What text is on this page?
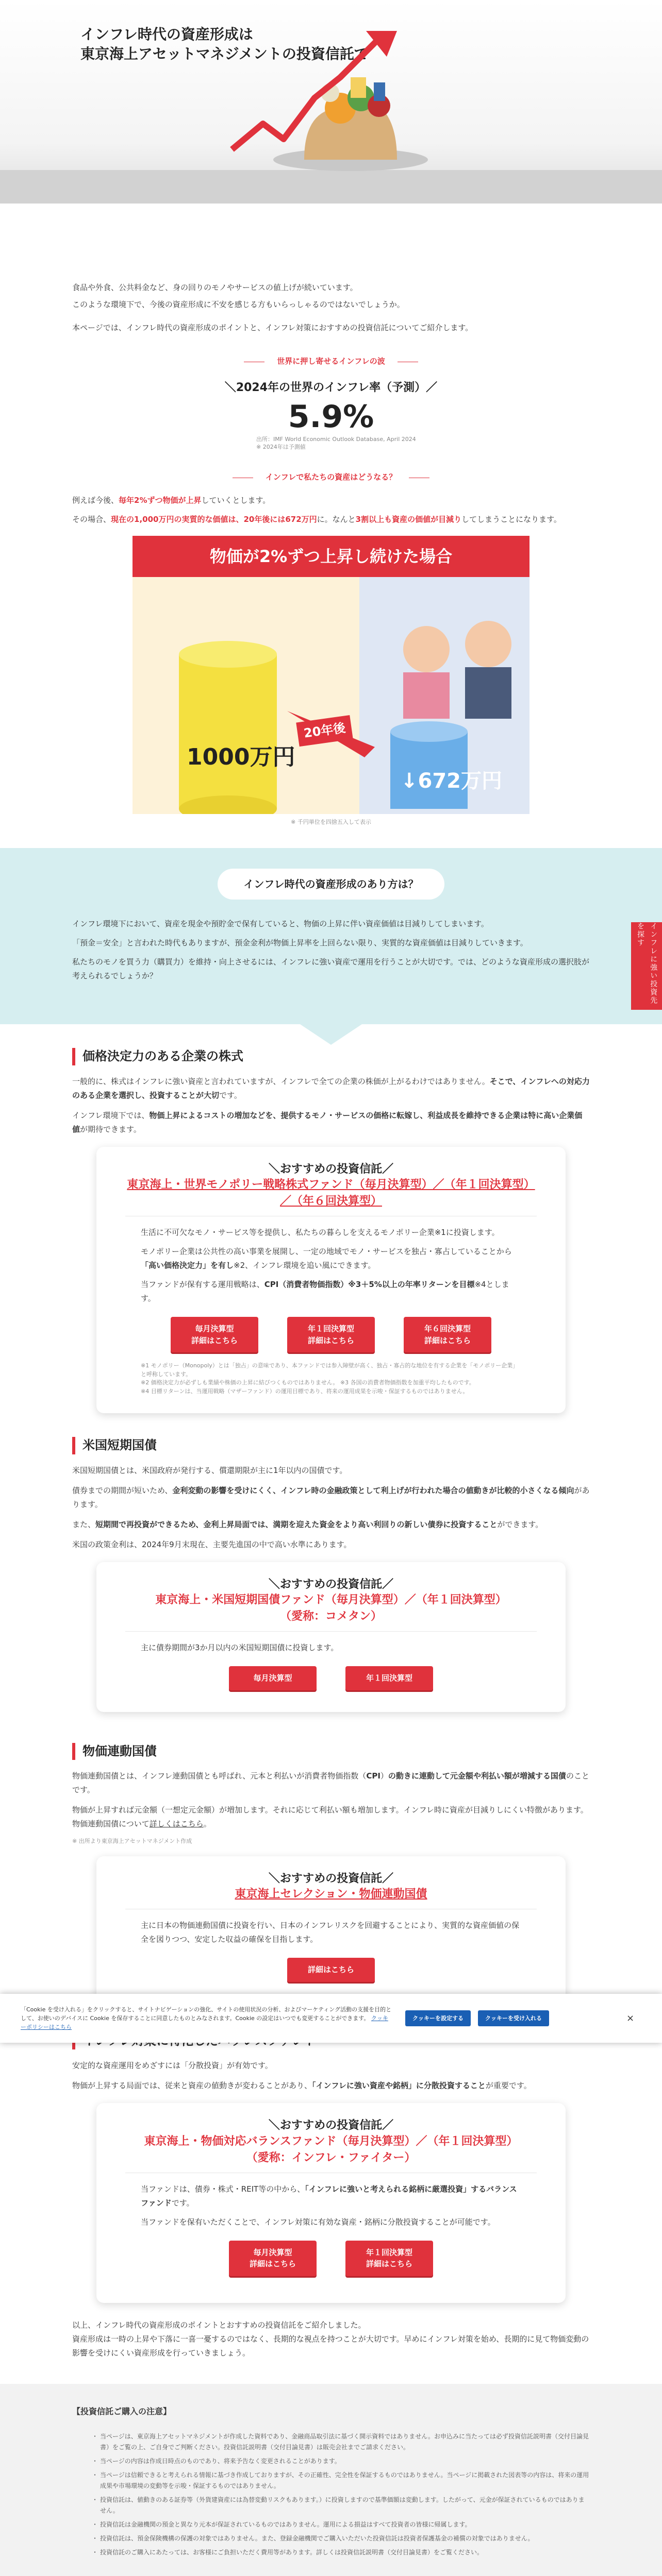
インフレ時代の資産形成は
東京海上アセットマネジメントの投資信託で

食品や外食、公共料金など、身の回りのモノやサービスの値上げが続いています。

このような環境下で、今後の資産形成に不安を感じる方もいらっしゃるのではないでしょうか。

本ページでは、インフレ時代の資産形成のポイントと、インフレ対策におすすめの投資信託についてご紹介します。

世界に押し寄せるインフレの波
＼2024年の世界のインフレ率（予測）／
5.9%
出所：IMF World Economic Outlook Database, April 2024
※ 2024年は予測値
インフレで私たちの資産はどうなる？

例えば今後、毎年2%ずつ物価が上昇していくとします。

その場合、現在の1,000万円の実質的な価値は、20年後には672万円に。なんと3割以上も資産の価値が目減りしてしまうことになります。

物価が2%ずつ上昇し続けた場合
1000万円
20年後
↓672万円
※ 千円単位を四捨五入して表示
インフレ時代の資産形成のあり方は？

インフレ環境下において、資産を現金や預貯金で保有していると、物価の上昇に伴い資産価値は目減りしてしまいます。

「預金＝安全」と言われた時代もありますが、預金金利が物価上昇率を上回らない限り、実質的な資産価値は目減りしていきます。

私たちのモノを買う力（購買力）を維持・向上させるには、インフレに強い資産で運用を行うことが大切です。では、どのような資産形成の選択肢が考えられるでしょうか？

価格決定力のある企業の株式

一般的に、株式はインフレに強い資産と言われていますが、インフレで全ての企業の株価が上がるわけではありません。そこで、インフレへの対応力のある企業を選択し、投資することが大切です。

インフレ環境下では、物価上昇によるコストの増加などを、提供するモノ・サービスの価格に転嫁し、利益成長を維持できる企業は特に高い企業価値が期待できます。

＼おすすめの投資信託／
東京海上・世界モノポリー戦略株式ファンド（毎月決算型）／（年１回決算型）／（年６回決算型）

生活に不可欠なモノ・サービス等を提供し、私たちの暮らしを支えるモノポリー企業※1に投資します。

モノポリー企業は公共性の高い事業を展開し、一定の地域でモノ・サービスを独占・寡占していることから「高い価格決定力」を有し※2、インフレ環境を追い風にできます。

当ファンドが保有する運用戦略は、CPI（消費者物価指数）※3＋5%以上の年率リターンを目標※4とします。

毎月決算型
詳細はこちら
年１回決算型
詳細はこちら
年６回決算型
詳細はこちら
※1 モノポリー（Monopoly）とは「独占」の意味であり、本ファンドでは参入障壁が高く、独占・寡占的な地位を有する企業を「モノポリー企業」と呼称しています。
※2 価格決定力が必ずしも業績や株価の上昇に結びつくものではありません。 ※3 各国の消費者物価指数を加重平均したものです。
※4 目標リターンは、当運用戦略（マザーファンド）の運用目標であり、将来の運用成果を示唆・保証するものではありません。
米国短期国債

米国短期国債とは、米国政府が発行する、償還期限が主に1年以内の国債です。

債券までの期間が短いため、金利変動の影響を受けにくく、インフレ時の金融政策として利上げが行われた場合の値動きが比較的小さくなる傾向があります。

また、短期間で再投資ができるため、金利上昇局面では、満期を迎えた資金をより高い利回りの新しい債券に投資することができます。

米国の政策金利は、2024年9月末現在、主要先進国の中で高い水準にあります。

＼おすすめの投資信託／
東京海上・米国短期国債ファンド（毎月決算型）／（年１回決算型）
（愛称：コメタン）

主に債券期間が3か月以内の米国短期国債に投資します。

毎月決算型	年１回決算型
物価連動国債

物価連動国債とは、インフレ連動国債とも呼ばれ、元本と利払いが消費者物価指数（CPI）の動きに連動して元金額や利払い額が増減する国債のことです。

物価が上昇すれば元金額（一想定元金額）が増加します。それに応じて利払い額も増加します。インフレ時に資産が目減りしにくい特徴があります。物価連動国債について詳しくはこちら。

※ 出所より東京海上アセットマネジメント作成
＼おすすめの投資信託／
東京海上セレクション・物価連動国債

主に日本の物価連動国債に投資を行い、日本のインフレリスクを回避することにより、実質的な資産価値の保全を図りつつ、安定した収益の確保を目指します。

詳細はこちら

安定的な資産運用をめざすには「分散投資」が有効です。

物価が上昇する局面では、従来と資産の値動きが変わることがあり、「インフレに強い資産や銘柄」に分散投資することが重要です。

＼おすすめの投資信託／
東京海上・物価対応バランスファンド（毎月決算型）／（年１回決算型）
（愛称：インフレ・ファイター）

当ファンドは、債券・株式・REIT等の中から、「インフレに強いと考えられる銘柄に厳選投資」するバランスファンドです。

当ファンドを保有いただくことで、インフレ対策に有効な資産・銘柄に分散投資することが可能です。

毎月決算型
詳細はこちら
年１回決算型
詳細はこちら

以上、インフレ時代の資産形成のポイントとおすすめの投資信託をご紹介しました。

資産形成は一時の上昇や下落に一喜一憂するのではなく、長期的な視点を持つことが大切です。早めにインフレ対策を始め、長期的に見て物価変動の影響を受けにくい資産形成を行っていきましょう。

【投資信託ご購入の注意】
・ 当ページは、東京海上アセットマネジメントが作成した資料であり、金融商品取引法に基づく開示資料ではありません。お申込みに当たっては必ず投資信託説明書（交付目論見書）をご覧の上、ご自身でご判断ください。投資信託説明書（交付目論見書）は販売会社までご請求ください。
・ 当ページの内容は作成日時点のものであり、将来予告なく変更されることがあります。
・ 当ページは信頼できると考えられる情報に基づき作成しておりますが、その正確性、完全性を保証するものではありません。当ページに掲載された図表等の内容は、将来の運用成果や市場環境の変動等を示唆・保証するものではありません。
・ 投資信託は、値動きのある証券等（外貨建資産には為替変動リスクもあります。）に投資しますので基準価額は変動します。したがって、元金が保証されているものではありません。
・ 投資信託は金融機関の預金と異なり元本が保証されているものではありません。運用による損益はすべて投資者の皆様に帰属します。
・ 投資信託は、預金保険機構の保護の対象ではありません。また、登録金融機関でご購入いただいた投資信託は投資者保護基金の補償の対象ではありません。
・ 投資信託のご購入にあたっては、お客様にご負担いただく費用等があります。詳しくは投資信託説明書（交付目論見書）をご覧ください。
「Cookie を受け入れる」をクリックすると、サイトナビゲーションの強化、サイトの使用状況の分析、およびマーケティング活動の支援を目的として、お使いのデバイスに Cookie を保存することに同意したものとみなされます。Cookie の設定はいつでも変更することができます。 クッキーポリシーはこちら
クッキーを設定する	クッキーを受け入れる	×
インフレに強い投資先を探す
